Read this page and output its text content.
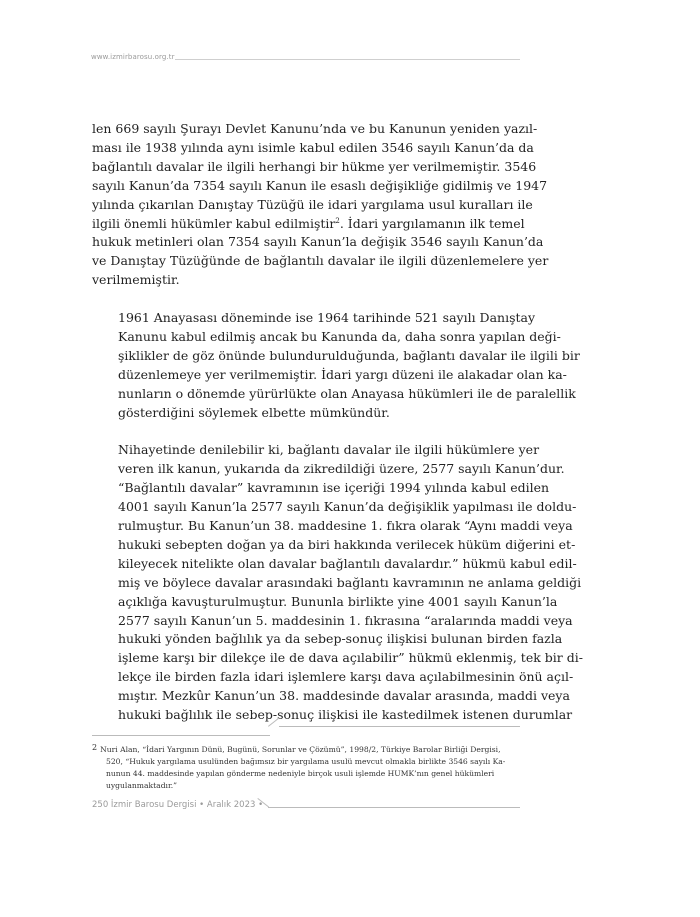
www.izmirbarosu.org.tr

len 669 sayılı Şurayı Devlet Kanunu’nda ve bu Kanunun yeniden yazıl-
ması ile 1938 yılında aynı isimle kabul edilen 3546 sayılı Kanun’da da
bağlantılı davalar ile ilgili herhangi bir hükme yer verilmemiştir. 3546
sayılı Kanun’da 7354 sayılı Kanun ile esaslı değişikliğe gidilmiş ve 1947
yılında çıkarılan Danıştay Tüzüğü ile idari yargılama usul kuralları ile
ilgili önemli hükümler kabul edilmiştir$^2$. İdari yargılamanın ilk temel
hukuk metinleri olan 7354 sayılı Kanun’la değişik 3546 sayılı Kanun’da
ve Danıştay Tüzüğünde de bağlantılı davalar ile ilgili düzenlemelere yer
verilmemiştir.

1961 Anayasası döneminde ise 1964 tarihinde 521 sayılı Danıştay
Kanunu kabul edilmiş ancak bu Kanunda da, daha sonra yapılan deği-
şiklikler de göz önünde bulundurulduğunda, bağlantı davalar ile ilgili bir
düzenlemeye yer verilmemiştir. İdari yargı düzeni ile alakadar olan ka-
nunların o dönemde yürürlükte olan Anayasa hükümleri ile de paralellik
gösterdiğini söylemek elbette mümkündür.

Nihayetinde denilebilir ki, bağlantı davalar ile ilgili hükümlere yer
veren ilk kanun, yukarıda da zikredildiği üzere, 2577 sayılı Kanun’dur.
“Bağlantılı davalar” kavramının ise içeriği 1994 yılında kabul edilen
4001 sayılı Kanun’la 2577 sayılı Kanun’da değişiklik yapılması ile doldu-
rulmuştur. Bu Kanun’un 38. maddesine 1. fıkra olarak “Aynı maddi veya
hukuki sebepten doğan ya da biri hakkında verilecek hüküm diğerini et-
kileyecek nitelikte olan davalar bağlantılı davalardır.” hükmü kabul edil-
miş ve böylece davalar arasındaki bağlantı kavramının ne anlama geldiği
açıklığa kavuşturulmuştur. Bununla birlikte yine 4001 sayılı Kanun’la
2577 sayılı Kanun’un 5. maddesinin 1. fıkrasına “aralarında maddi veya
hukuki yönden bağlılık ya da sebep-sonuç ilişkisi bulunan birden fazla
işleme karşı bir dilekçe ile de dava açılabilir” hükmü eklenmiş, tek bir di-
lekçe ile birden fazla idari işlemlere karşı dava açılabilmesinin önü açıl-
mıştır. Mezkûr Kanun’un 38. maddesinde davalar arasında, maddi veya
hukuki bağlılık ile sebep-sonuç ilişkisi ile kastedilmek istenen durumlar

2 Nuri Alan, “İdari Yargının Dünü, Bugünü, Sorunlar ve Çözümü”, 1998/2, Türkiye Barolar Birliği Dergisi,
520, “Hukuk yargılama usulünden bağımsız bir yargılama usulü mevcut olmakla birlikte 3546 sayılı Ka-
nunun 44. maddesinde yapılan gönderme nedeniyle birçok usuli işlemde HUMK’nın genel hükümleri
uygulanmaktadır.”
250 İzmir Barosu Dergisi • Aralık 2023 •
